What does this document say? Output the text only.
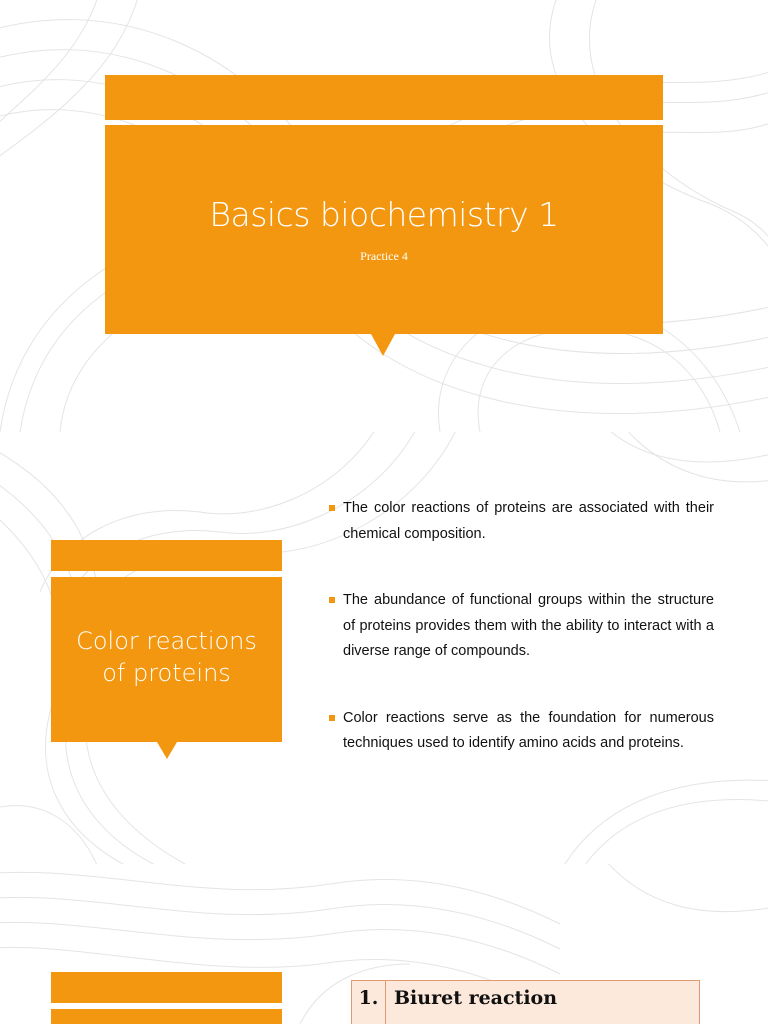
Basics biochemistry 1
Practice 4
Color reactions
of proteins
The color reactions of proteins are associated with their chemical composition.
The abundance of functional groups within the structure of proteins provides them with the ability to interact with a diverse range of compounds.
Color reactions serve as the foundation for numerous techniques used to identify amino acids and proteins.
1. Biuret reaction
